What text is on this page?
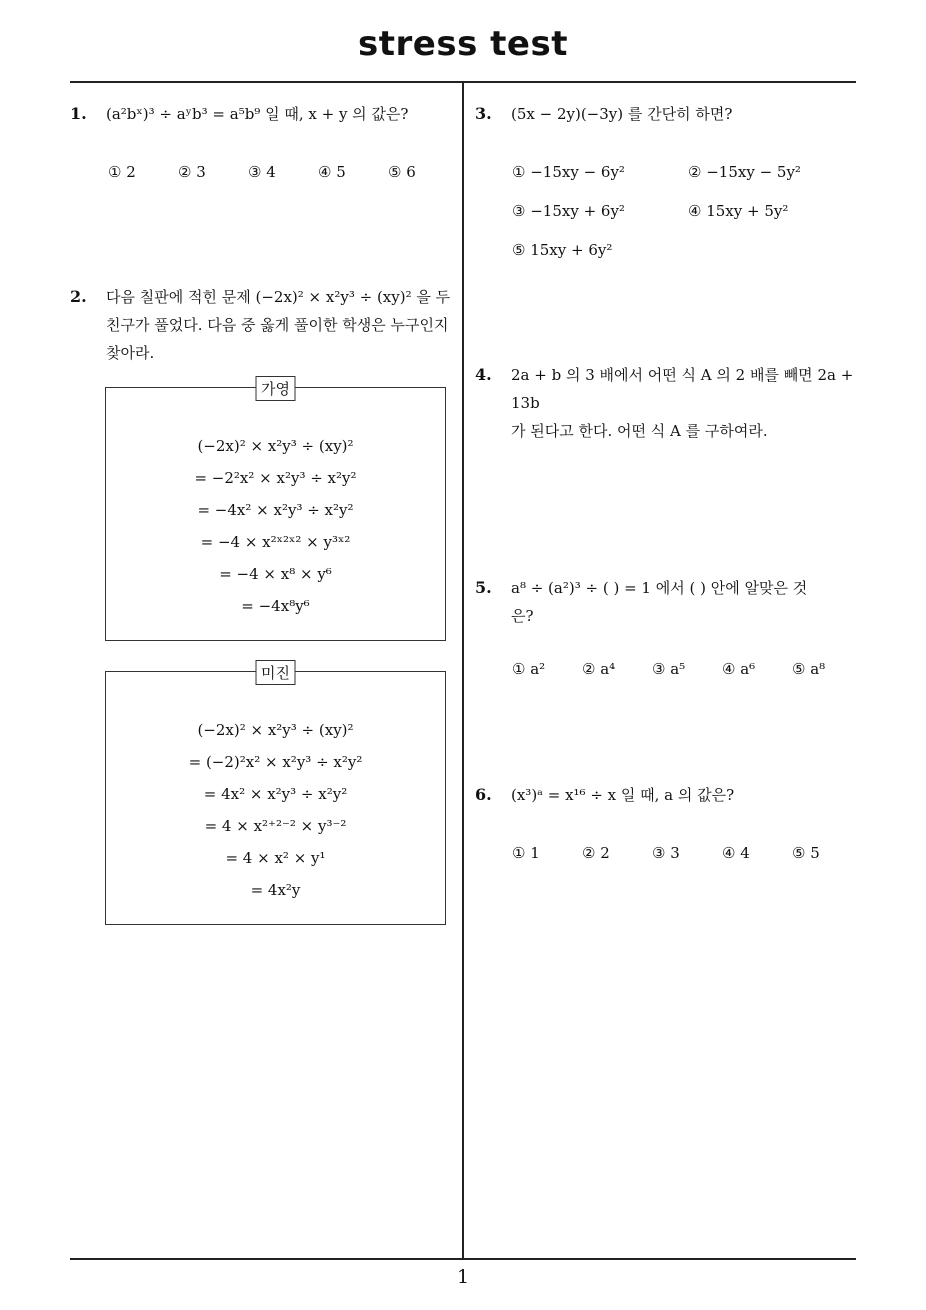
stress test
1
1. (a²bˣ)³ ÷ aʸb³ = a⁵b⁹ 일 때, x + y 의 값은?
① 2	② 3	③ 4	④ 5	⑤ 6
2. 다음 칠판에 적힌 문제 (−2x)² × x²y³ ÷ (xy)² 을 두
친구가 풀었다. 다음 중 옳게 풀이한 학생은 누구인지
찾아라.
가영
(−2x)² × x²y³ ÷ (xy)²
= −2²x² × x²y³ ÷ x²y²
= −4x² × x²y³ ÷ x²y²
= −4 × x²ˣ²ˣ² × y³ˣ²
= −4 × x⁸ × y⁶
= −4x⁸y⁶
미진
(−2x)² × x²y³ ÷ (xy)²
= (−2)²x² × x²y³ ÷ x²y²
= 4x² × x²y³ ÷ x²y²
= 4 × x²⁺²⁻² × y³⁻²
= 4 × x² × y¹
= 4x²y
3. (5x − 2y)(−3y) 를 간단히 하면?
① −15xy − 6y²	② −15xy − 5y²
③ −15xy + 6y²	④ 15xy + 5y²
⑤ 15xy + 6y²
4. 2a + b 의 3 배에서 어떤 식 A 의 2 배를 빼면 2a + 13b
가 된다고 한다. 어떤 식 A 를 구하여라.
5. a⁸ ÷ (a²)³ ÷ ( ) = 1 에서 ( ) 안에 알맞은 것
은?
① a² ② a⁴ ③ a⁵ ④ a⁶ ⑤ a⁸
6. (x³)ᵃ = x¹⁶ ÷ x 일 때, a 의 값은?
① 1	② 2	③ 3	④ 4	⑤ 5
